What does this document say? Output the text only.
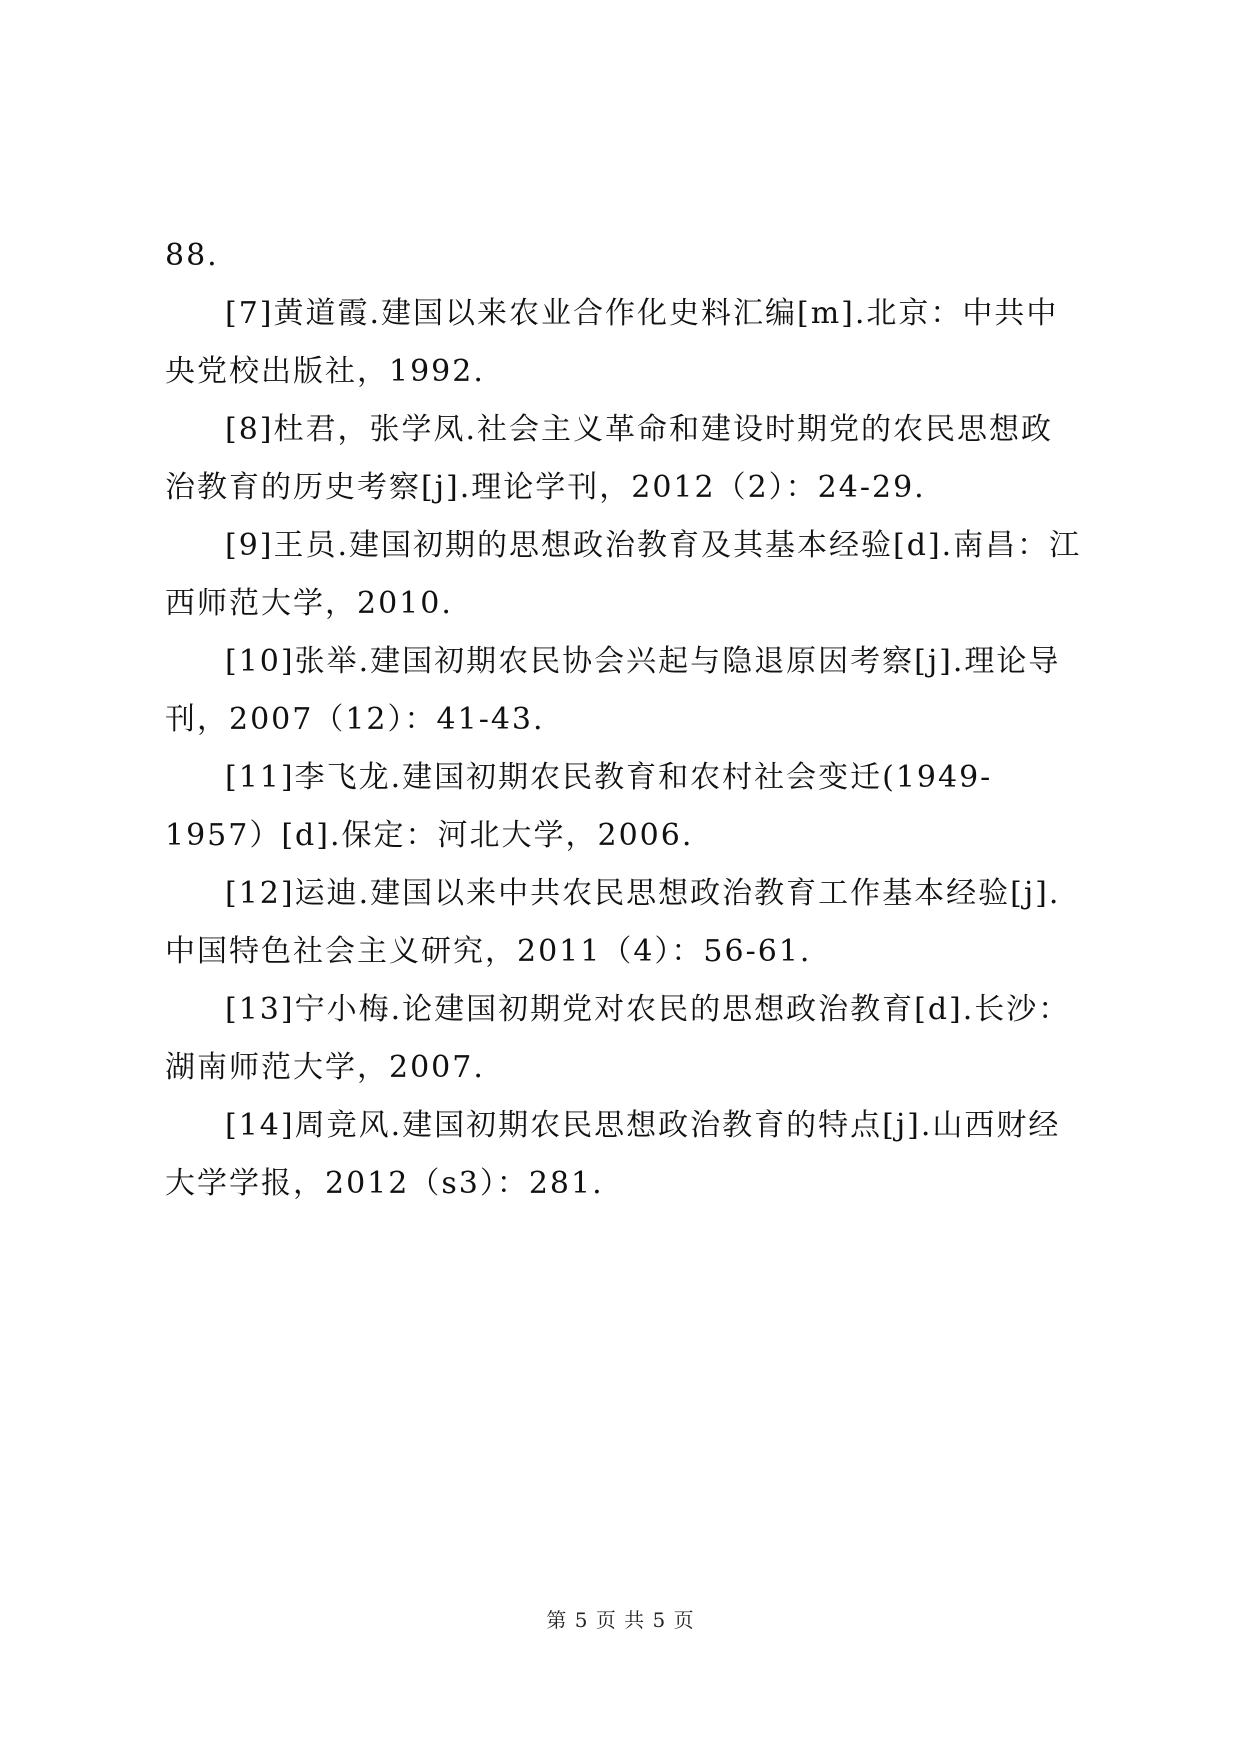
88.

[7]黄道霞.建国以来农业合作化史料汇编[m].北京：中共中央党校出版社，1992.

[8]杜君，张学凤.社会主义革命和建设时期党的农民思想政治教育的历史考察[j].理论学刊，2012（2）：24-29.

[9]王员.建国初期的思想政治教育及其基本经验[d].南昌：江西师范大学，2010.

[10]张举.建国初期农民协会兴起与隐退原因考察[j].理论导刊，2007（12）：41-43.

[11]李飞龙.建国初期农民教育和农村社会变迁(1949-1957）[d].保定：河北大学，2006.

[12]运迪.建国以来中共农民思想政治教育工作基本经验[j].中国特色社会主义研究，2011（4）：56-61.

[13]宁小梅.论建国初期党对农民的思想政治教育[d].长沙：湖南师范大学，2007.

[14]周竞风.建国初期农民思想政治教育的特点[j].山西财经大学学报，2012（s3）：281.

第 5 页 共 5 页
